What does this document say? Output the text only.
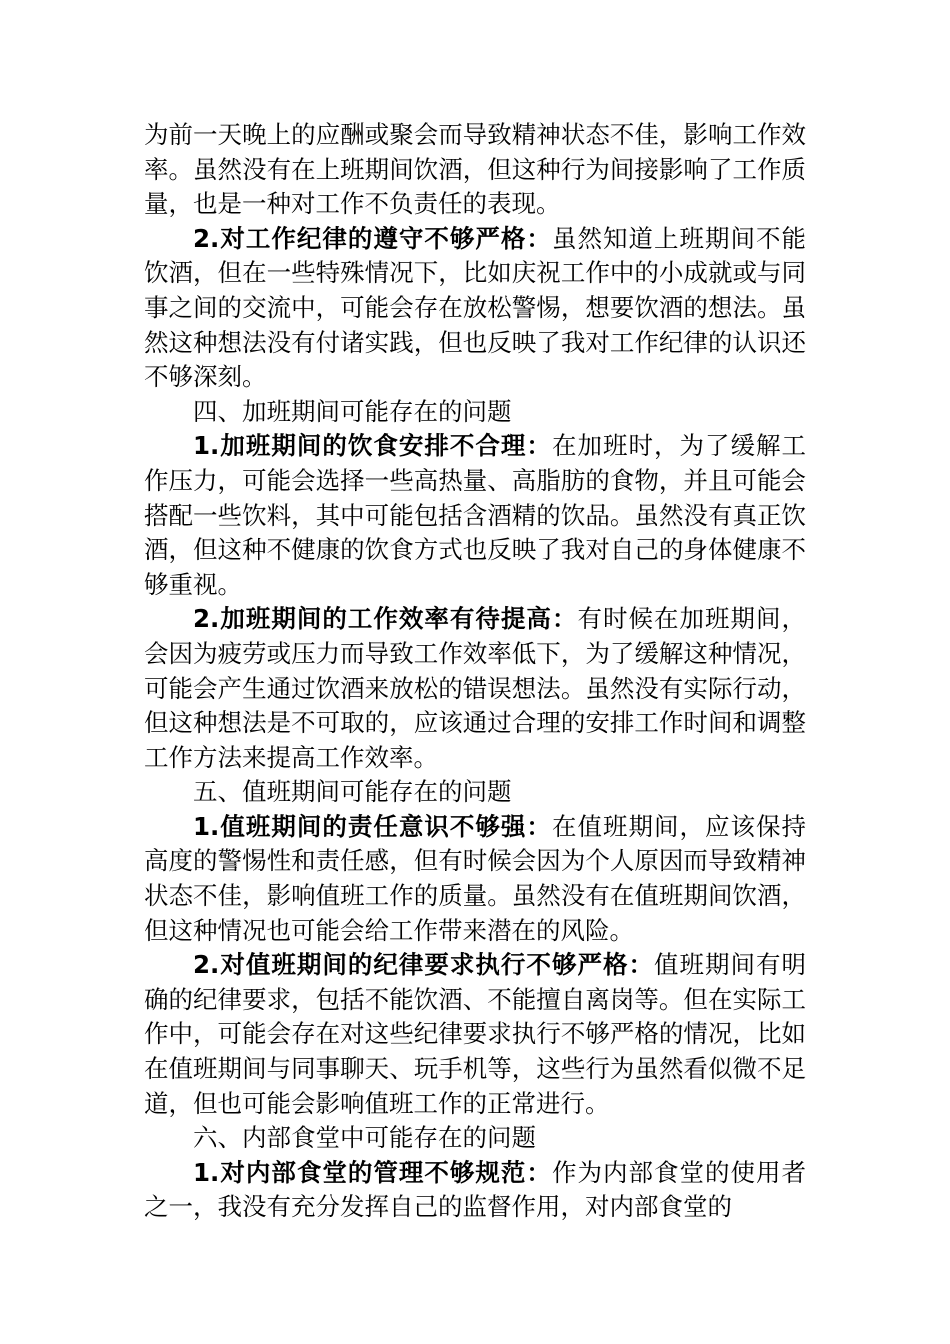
为前一天晚上的应酬或聚会而导致精神状态不佳，影响工作效率。虽然没有在上班期间饮酒，但这种行为间接影响了工作质量，也是一种对工作不负责任的表现。

2.对工作纪律的遵守不够严格：虽然知道上班期间不能饮酒，但在一些特殊情况下，比如庆祝工作中的小成就或与同事之间的交流中，可能会存在放松警惕，想要饮酒的想法。虽然这种想法没有付诸实践，但也反映了我对工作纪律的认识还不够深刻。

四、加班期间可能存在的问题

1.加班期间的饮食安排不合理：在加班时，为了缓解工作压力，可能会选择一些高热量、高脂肪的食物，并且可能会搭配一些饮料，其中可能包括含酒精的饮品。虽然没有真正饮酒，但这种不健康的饮食方式也反映了我对自己的身体健康不够重视。

2.加班期间的工作效率有待提高：有时候在加班期间，会因为疲劳或压力而导致工作效率低下，为了缓解这种情况，可能会产生通过饮酒来放松的错误想法。虽然没有实际行动，但这种想法是不可取的，应该通过合理的安排工作时间和调整工作方法来提高工作效率。

五、值班期间可能存在的问题

1.值班期间的责任意识不够强：在值班期间，应该保持高度的警惕性和责任感，但有时候会因为个人原因而导致精神状态不佳，影响值班工作的质量。虽然没有在值班期间饮酒，但这种情况也可能会给工作带来潜在的风险。

2.对值班期间的纪律要求执行不够严格：值班期间有明确的纪律要求，包括不能饮酒、不能擅自离岗等。但在实际工作中，可能会存在对这些纪律要求执行不够严格的情况，比如在值班期间与同事聊天、玩手机等，这些行为虽然看似微不足道，但也可能会影响值班工作的正常进行。

六、内部食堂中可能存在的问题

1.对内部食堂的管理不够规范：作为内部食堂的使用者之一，我没有充分发挥自己的监督作用，对内部食堂的
